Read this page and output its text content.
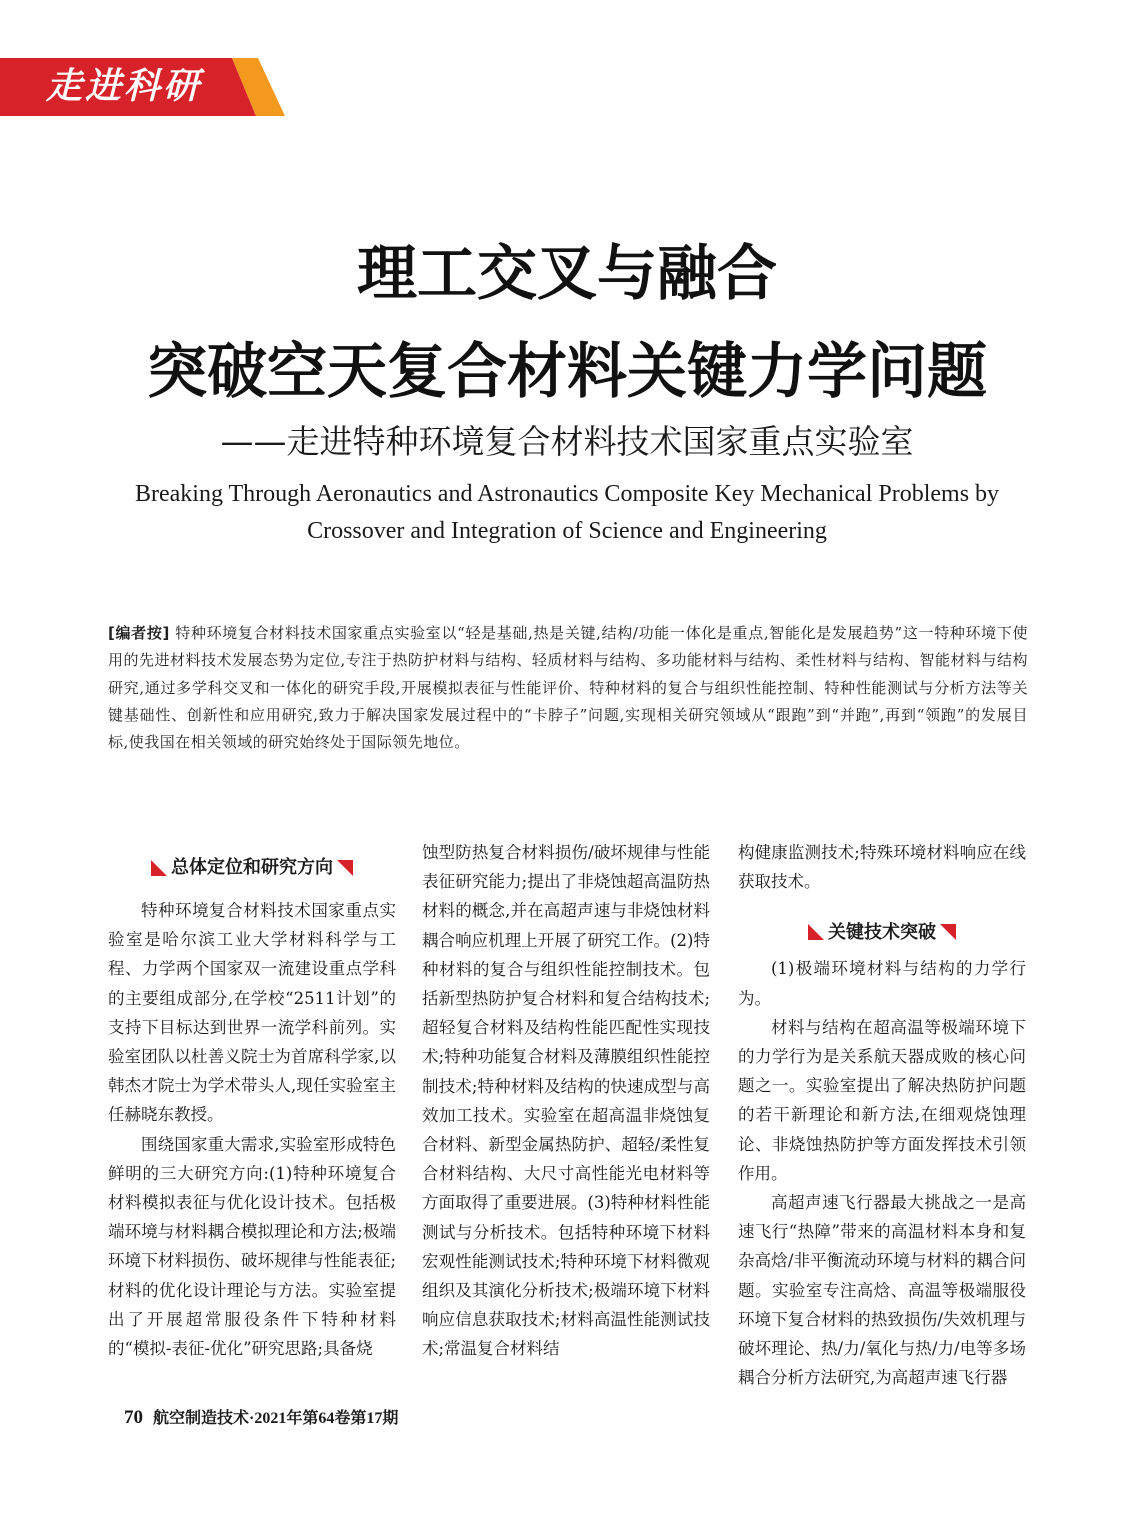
走进科研
理工交叉与融合
突破空天复合材料关键力学问题
——走进特种环境复合材料技术国家重点实验室
Breaking Through Aeronautics and Astronautics Composite Key Mechanical Problems by
Crossover and Integration of Science and Engineering
[编者按] 特种环境复合材料技术国家重点实验室以“轻是基础,热是关键,结构/功能一体化是重点,智能化是发展趋势”这一特种环境下使用的先进材料技术发展态势为定位,专注于热防护材料与结构、轻质材料与结构、多功能材料与结构、柔性材料与结构、智能材料与结构研究,通过多学科交叉和一体化的研究手段,开展模拟表征与性能评价、特种材料的复合与组织性能控制、特种性能测试与分析方法等关键基础性、创新性和应用研究,致力于解决国家发展过程中的“卡脖子”问题,实现相关研究领域从“跟跑”到“并跑”,再到“领跑”的发展目标,使我国在相关领域的研究始终处于国际领先地位。
总体定位和研究方向

特种环境复合材料技术国家重点实验室是哈尔滨工业大学材料科学与工程、力学两个国家双一流建设重点学科的主要组成部分,在学校“2511计划”的支持下目标达到世界一流学科前列。实验室团队以杜善义院士为首席科学家,以韩杰才院士为学术带头人,现任实验室主任赫晓东教授。

围绕国家重大需求,实验室形成特色鲜明的三大研究方向:(1)特种环境复合材料模拟表征与优化设计技术。包括极端环境与材料耦合模拟理论和方法;极端环境下材料损伤、破坏规律与性能表征;材料的优化设计理论与方法。实验室提出了开展超常服役条件下特种材料的“模拟-表征-优化”研究思路;具备烧

蚀型防热复合材料损伤/破坏规律与性能表征研究能力;提出了非烧蚀超高温防热材料的概念,并在高超声速与非烧蚀材料耦合响应机理上开展了研究工作。(2)特种材料的复合与组织性能控制技术。包括新型热防护复合材料和复合结构技术;超轻复合材料及结构性能匹配性实现技术;特种功能复合材料及薄膜组织性能控制技术;特种材料及结构的快速成型与高效加工技术。实验室在超高温非烧蚀复合材料、新型金属热防护、超轻/柔性复合材料结构、大尺寸高性能光电材料等方面取得了重要进展。(3)特种材料性能测试与分析技术。包括特种环境下材料宏观性能测试技术;特种环境下材料微观组织及其演化分析技术;极端环境下材料响应信息获取技术;材料高温性能测试技术;常温复合材料结

构健康监测技术;特殊环境材料响应在线获取技术。

关键技术突破

(1)极端环境材料与结构的力学行为。

材料与结构在超高温等极端环境下的力学行为是关系航天器成败的核心问题之一。实验室提出了解决热防护问题的若干新理论和新方法,在细观烧蚀理论、非烧蚀热防护等方面发挥技术引领作用。

高超声速飞行器最大挑战之一是高速飞行“热障”带来的高温材料本身和复杂高焓/非平衡流动环境与材料的耦合问题。实验室专注高焓、高温等极端服役环境下复合材料的热致损伤/失效机理与破坏理论、热/力/氧化与热/力/电等多场耦合分析方法研究,为高超声速飞行器

70 航空制造技术·2021年第64卷第17期
